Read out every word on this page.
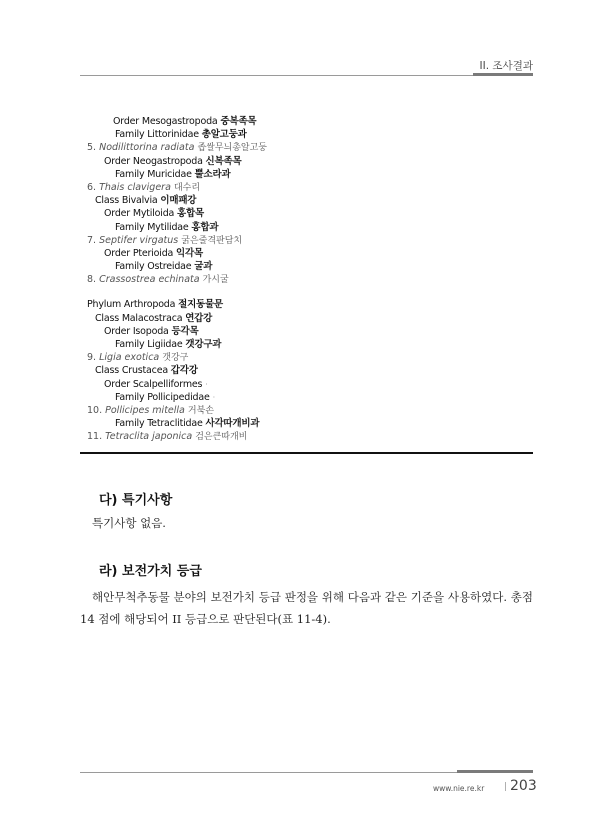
II. 조사결과
Order Mesogastropoda 중복족목
Family Littorinidae 총알고둥과
5. Nodilittorina radiata 좁쌀무늬총알고둥
Order Neogastropoda 신복족목
Family Muricidae 뿔소라과
6. Thais clavigera 대수리
Class Bivalvia 이매패강
Order Mytiloida 홍합목
Family Mytilidae 홍합과
7. Septifer virgatus 굵은줄격판담치
Order Pterioida 익각목
Family Ostreidae 굴과
8. Crassostrea echinata 가시굴
Phylum Arthropoda 절지동물문
Class Malacostraca 연갑강
Order Isopoda 등각목
Family Ligiidae 갯강구과
9. Ligia exotica 갯강구
Class Crustacea 갑각강
Order Scalpelliformes ·
Family Pollicipedidae ·
10. Pollicipes mitella 거북손
Family Tetraclitidae 사각따개비과
11. Tetraclita japonica 검은큰따개비
다) 특기사항
특기사항 없음.
라) 보전가치 등급
해안무척추동물 분야의 보전가치 등급 판정을 위해 다음과 같은 기준을 사용하였다. 총점 14 점에 해당되어 II 등급으로 판단된다(표 11-4).
www.nie.re.kr | 203
